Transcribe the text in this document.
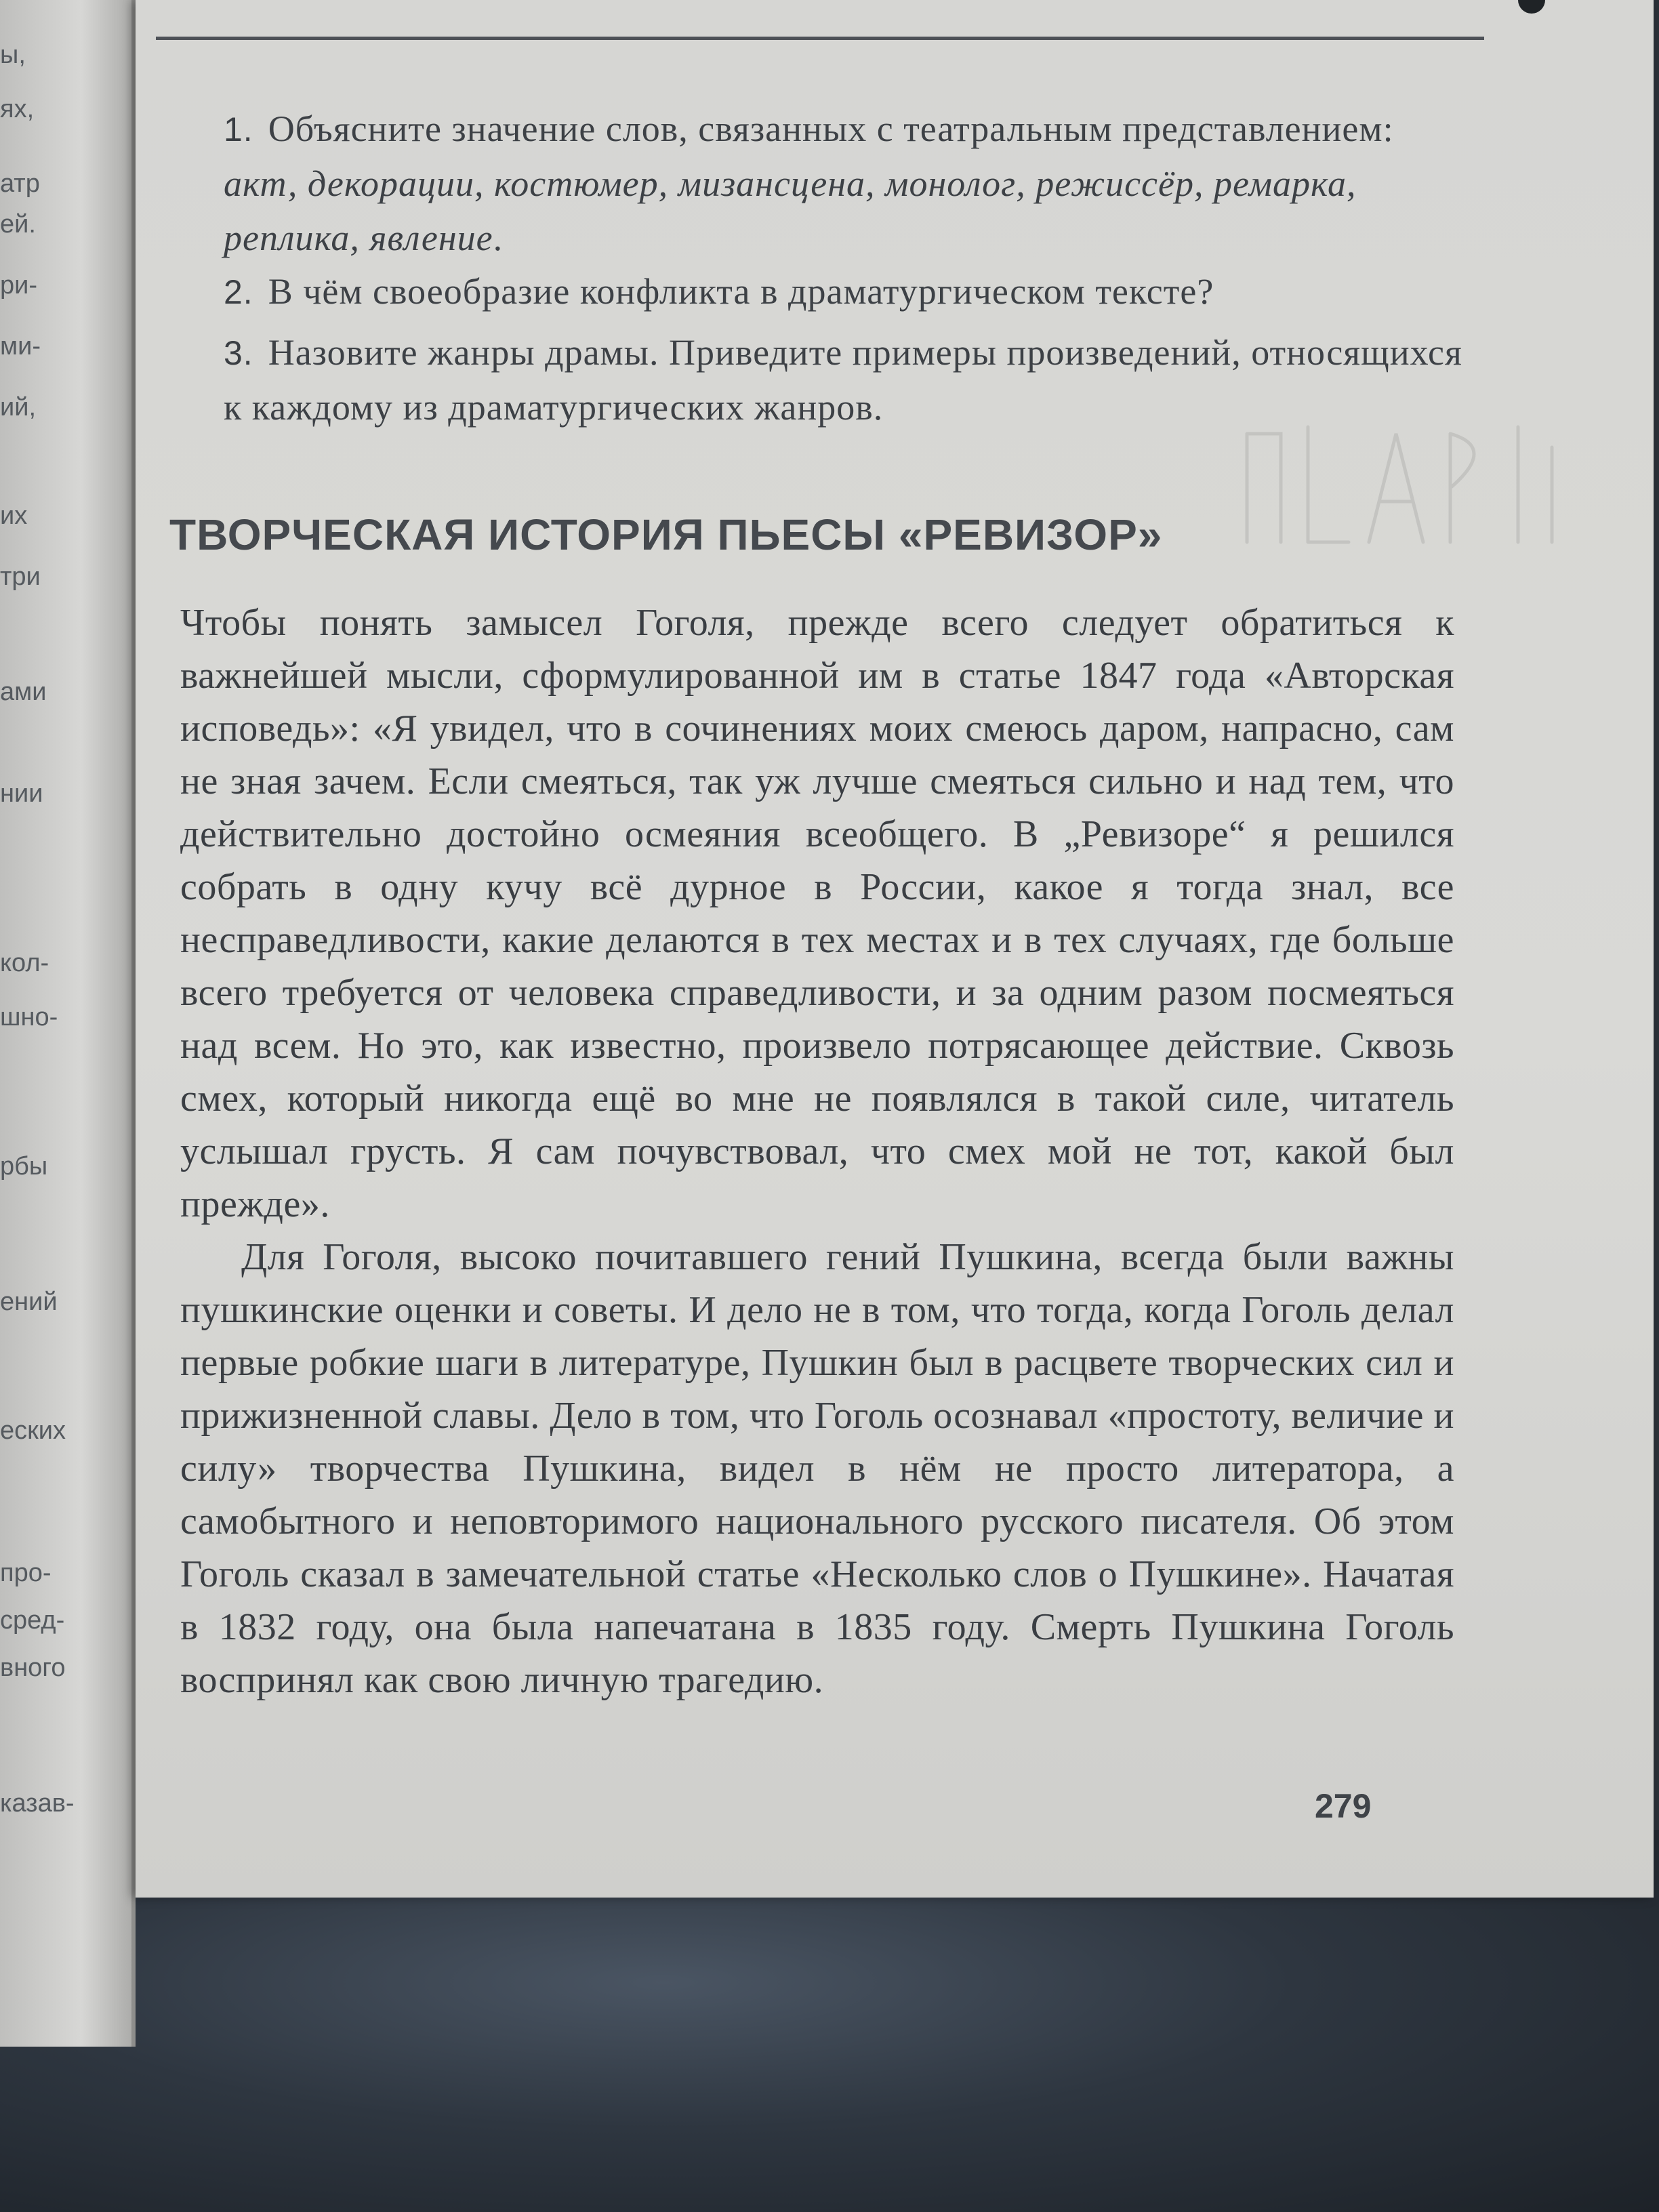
ы,
ях,
атр
ей.
ри-
ми-
ий,
их
три
ами
нии
кол-
шно-
рбы
ений
еских
про-
сред-
вного
казав-
1. Объясните значение слов, связанных с театральным представлением: акт, декорации, костюмер, мизансцена, монолог, режиссёр, ремарка, реплика, явление.
2. В чём своеобразие конфликта в драматургическом тексте?
3. Назовите жанры драмы. Приведите примеры произведений, относящихся к каждому из драматургических жанров.
ТВОРЧЕСКАЯ ИСТОРИЯ ПЬЕСЫ «РЕВИЗОР»

Чтобы понять замысел Гоголя, прежде всего следует обратиться к важнейшей мысли, сформулированной им в статье 1847 года «Авторская исповедь»: «Я увидел, что в сочинениях моих смеюсь даром, напрасно, сам не зная зачем. Если смеяться, так уж лучше смеяться сильно и над тем, что действительно достойно осмеяния всеобщего. В „Ревизоре“ я решился собрать в одну кучу всё дурное в России, какое я тогда знал, все несправедливости, какие делаются в тех местах и в тех случаях, где больше всего требуется от человека справедливости, и за одним разом посмеяться над всем. Но это, как известно, произвело потрясающее действие. Сквозь смех, который никогда ещё во мне не появлялся в такой силе, читатель услышал грусть. Я сам почувствовал, что смех мой не тот, какой был прежде».

Для Гоголя, высоко почитавшего гений Пушкина, всегда были важны пушкинские оценки и советы. И дело не в том, что тогда, когда Гоголь делал первые робкие шаги в литературе, Пушкин был в расцвете творческих сил и прижизненной славы. Дело в том, что Гоголь осознавал «простоту, величие и силу» творчества Пушкина, видел в нём не просто литератора, а самобытного и неповторимого национального русского писателя. Об этом Гоголь сказал в замечательной статье «Несколько слов о Пушкине». Начатая в 1832 году, она была напечатана в 1835 году. Смерть Пушкина Гоголь воспринял как свою личную трагедию.

279
